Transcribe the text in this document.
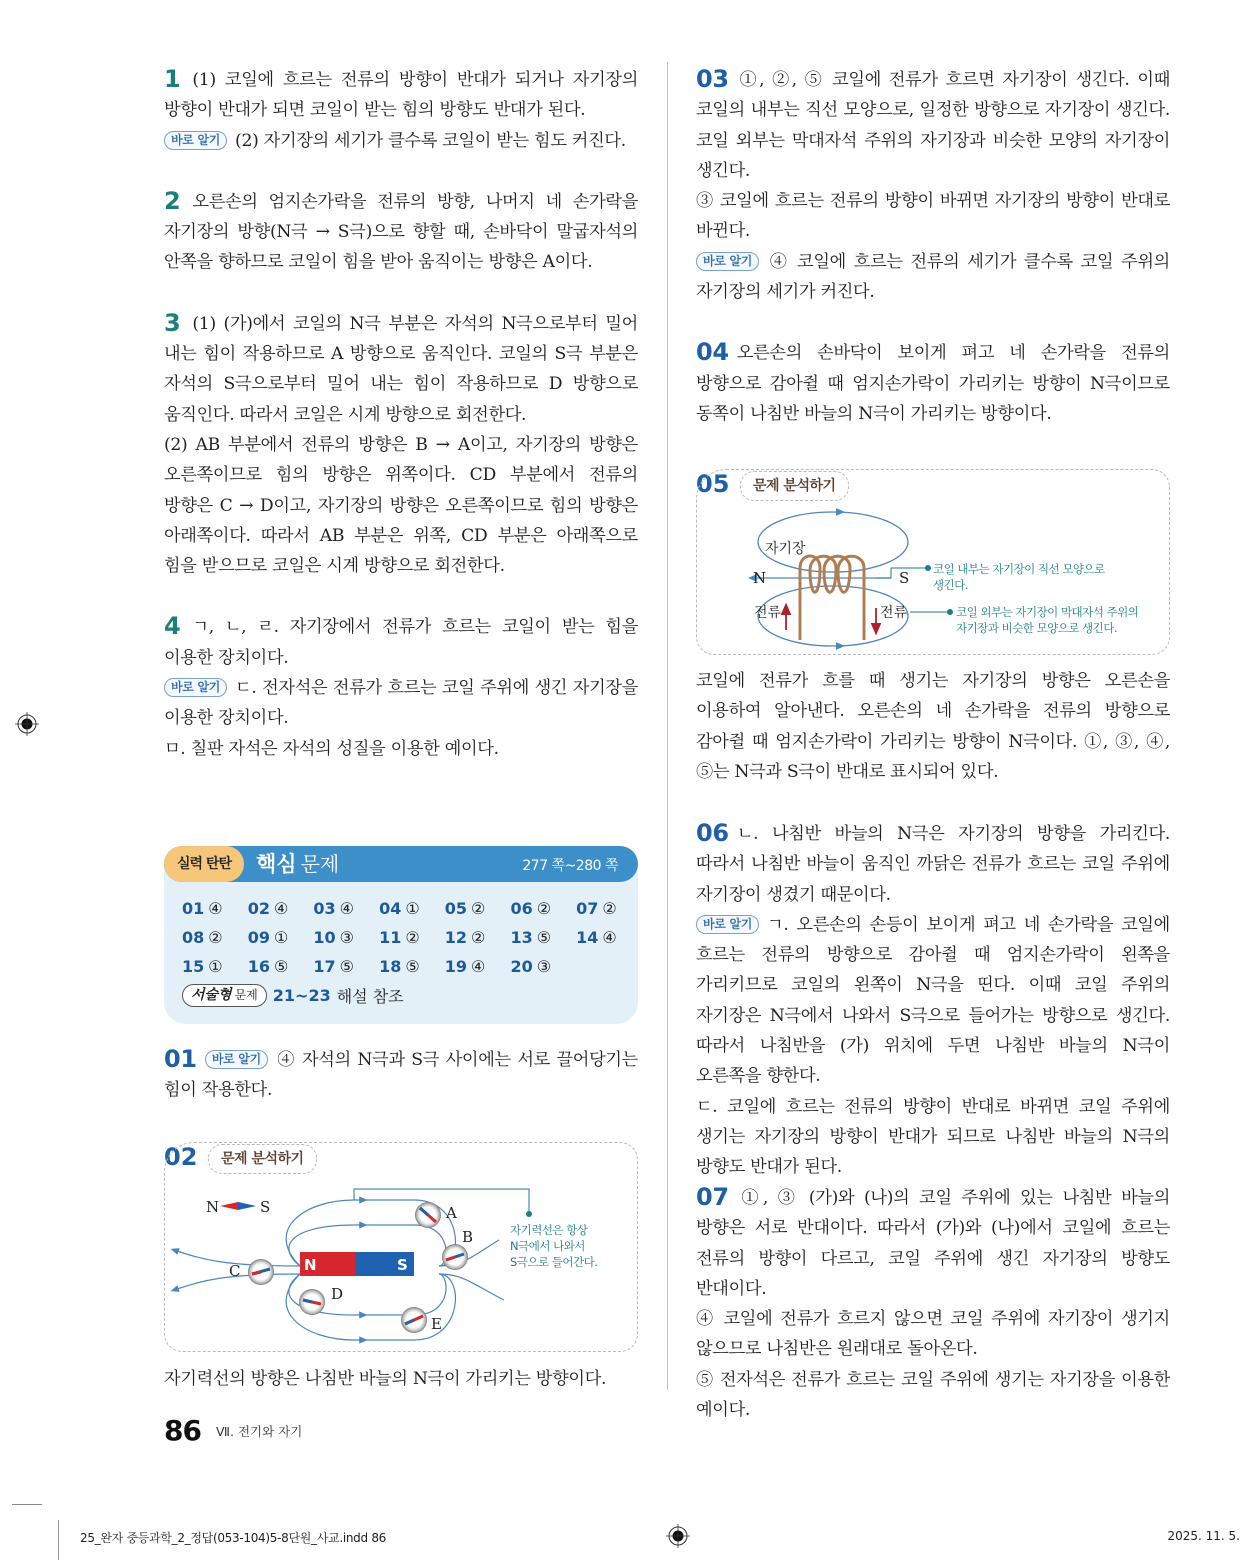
1 (1) 코일에 흐르는 전류의 방향이 반대가 되거나 자기장의 방향이 반대가 되면 코일이 받는 힘의 방향도 반대가 된다.

바로 알기 (2) 자기장의 세기가 클수록 코일이 받는 힘도 커진다.

2 오른손의 엄지손가락을 전류의 방향, 나머지 네 손가락을 자기장의 방향(N극 → S극)으로 향할 때, 손바닥이 말굽자석의 안쪽을 향하므로 코일이 힘을 받아 움직이는 방향은 A이다.

3 (1) (가)에서 코일의 N극 부분은 자석의 N극으로부터 밀어 내는 힘이 작용하므로 A 방향으로 움직인다. 코일의 S극 부분은 자석의 S극으로부터 밀어 내는 힘이 작용하므로 D 방향으로 움직인다. 따라서 코일은 시계 방향으로 회전한다.

(2) AB 부분에서 전류의 방향은 B → A이고, 자기장의 방향은 오른쪽이므로 힘의 방향은 위쪽이다. CD 부분에서 전류의 방향은 C → D이고, 자기장의 방향은 오른쪽이므로 힘의 방향은 아래쪽이다. 따라서 AB 부분은 위쪽, CD 부분은 아래쪽으로 힘을 받으므로 코일은 시계 방향으로 회전한다.

4 ㄱ, ㄴ, ㄹ. 자기장에서 전류가 흐르는 코일이 받는 힘을 이용한 장치이다.

바로 알기 ㄷ. 전자석은 전류가 흐르는 코일 주위에 생긴 자기장을 이용한 장치이다.

ㅁ. 칠판 자석은 자석의 성질을 이용한 예이다.

실력 탄탄	핵심 문제	277 쪽~280 쪽
01 ④	02 ④	03 ④	04 ①	05 ②	06 ②	07 ②
08 ②	09 ①	10 ③	11 ②	12 ②	13 ⑤	14 ④
15 ①	16 ⑤	17 ⑤	18 ⑤	19 ④	20 ③
서술형 문제 21~23 해설 참조

01 바로 알기 ④ 자석의 N극과 S극 사이에는 서로 끌어당기는 힘이 작용한다.

02	문제 분석하기
N	S
N	S	A
B
C
D
E
자기력선은 항상
N극에서 나와서
S극으로 들어간다.
자기력선의 방향은 나침반 바늘의 N극이 가리키는 방향이다.

03 ①, ②, ⑤ 코일에 전류가 흐르면 자기장이 생긴다. 이때 코일의 내부는 직선 모양으로, 일정한 방향으로 자기장이 생긴다. 코일 외부는 막대자석 주위의 자기장과 비슷한 모양의 자기장이 생긴다.

③ 코일에 흐르는 전류의 방향이 바뀌면 자기장의 방향이 반대로 바뀐다.

바로 알기 ④ 코일에 흐르는 전류의 세기가 클수록 코일 주위의 자기장의 세기가 커진다.

04 오른손의 손바닥이 보이게 펴고 네 손가락을 전류의 방향으로 감아쥘 때 엄지손가락이 가리키는 방향이 N극이므로 동쪽이 나침반 바늘의 N극이 가리키는 방향이다.

05	문제 분석하기
자기장
N	S
전류	전류
코일 내부는 자기장이 직선 모양으로
생긴다.
코일 외부는 자기장이 막대자석 주위의
자기장과 비슷한 모양으로 생긴다.
코일에 전류가 흐를 때 생기는 자기장의 방향은 오른손을 이용하여 알아낸다. 오른손의 네 손가락을 전류의 방향으로 감아쥘 때 엄지손가락이 가리키는 방향이 N극이다. ①, ③, ④, ⑤는 N극과 S극이 반대로 표시되어 있다.

06 ㄴ. 나침반 바늘의 N극은 자기장의 방향을 가리킨다. 따라서 나침반 바늘이 움직인 까닭은 전류가 흐르는 코일 주위에 자기장이 생겼기 때문이다.

바로 알기 ㄱ. 오른손의 손등이 보이게 펴고 네 손가락을 코일에 흐르는 전류의 방향으로 감아쥘 때 엄지손가락이 왼쪽을 가리키므로 코일의 왼쪽이 N극을 띤다. 이때 코일 주위의 자기장은 N극에서 나와서 S극으로 들어가는 방향으로 생긴다. 따라서 나침반을 (가) 위치에 두면 나침반 바늘의 N극이 오른쪽을 향한다.

ㄷ. 코일에 흐르는 전류의 방향이 반대로 바뀌면 코일 주위에 생기는 자기장의 방향이 반대가 되므로 나침반 바늘의 N극의 방향도 반대가 된다.

07 ①, ③ (가)와 (나)의 코일 주위에 있는 나침반 바늘의 방향은 서로 반대이다. 따라서 (가)와 (나)에서 코일에 흐르는 전류의 방향이 다르고, 코일 주위에 생긴 자기장의 방향도 반대이다.

④ 코일에 전류가 흐르지 않으면 코일 주위에 자기장이 생기지 않으므로 나침반은 원래대로 돌아온다.

⑤ 전자석은 전류가 흐르는 코일 주위에 생기는 자기장을 이용한 예이다.

86 Ⅶ. 전기와 자기
25_완자 중등과학_2_정답(053-104)5-8단원_사교.indd 86	2025. 11. 5.
